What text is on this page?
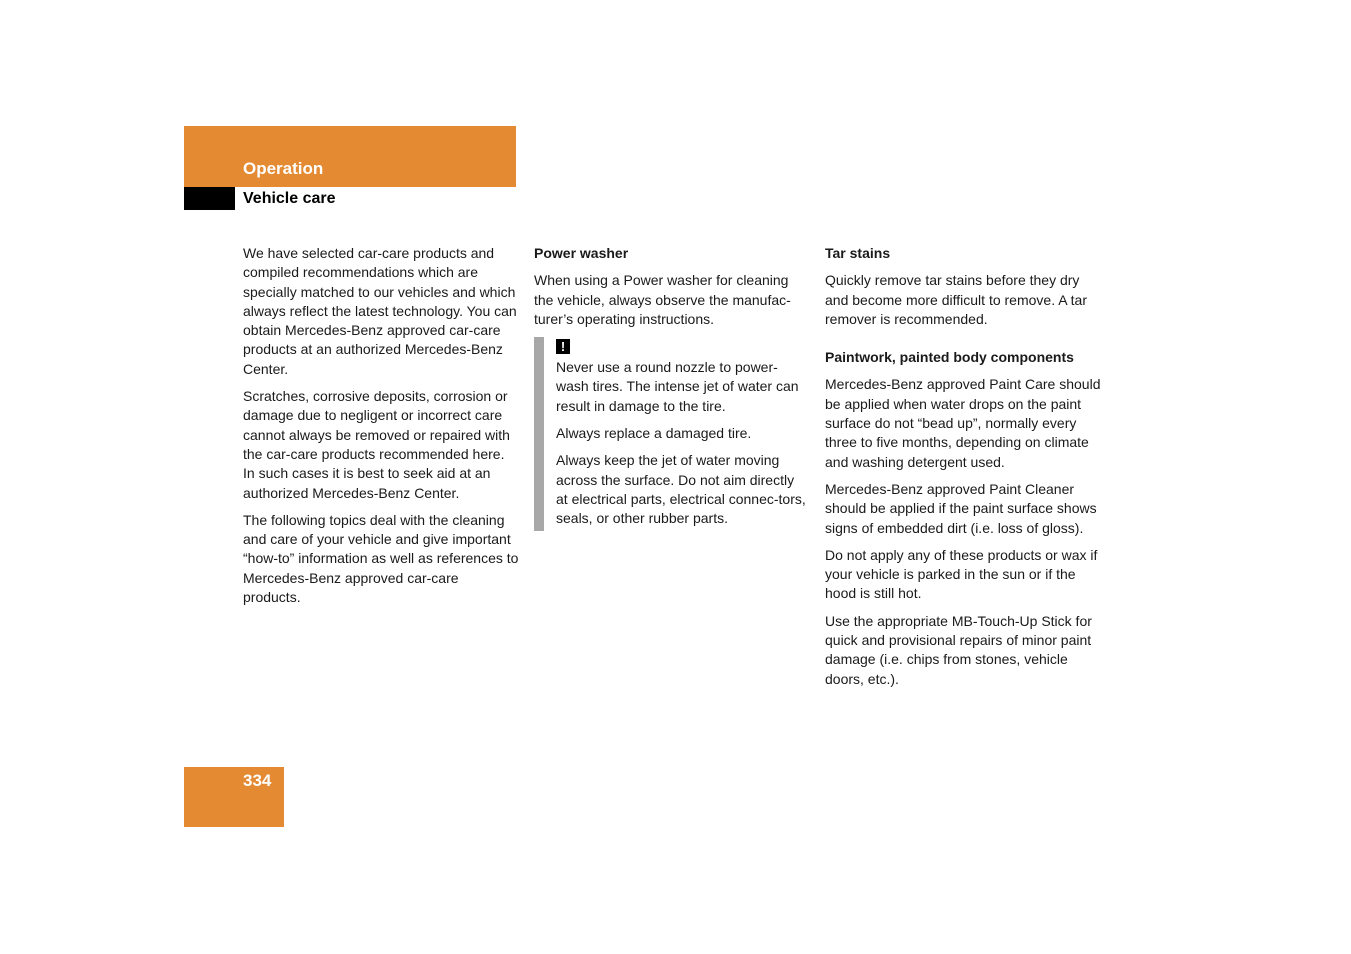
Operation
Vehicle care

We have selected car-care products and compiled recommendations which are specially matched to our vehicles and which always reflect the latest technology. You can obtain Mercedes-Benz approved car-care products at an authorized Mercedes-Benz Center.

Scratches, corrosive deposits, corrosion or damage due to negligent or incorrect care cannot always be removed or repaired with the car-care products recommended here. In such cases it is best to seek aid at an authorized Mercedes-Benz Center.

The following topics deal with the cleaning and care of your vehicle and give important “how-to” information as well as references to Mercedes-Benz approved car-care products.

Power washer

When using a Power washer for cleaning the vehicle, always observe the manufac-turer’s operating instructions.

!

Never use a round nozzle to power-wash tires. The intense jet of water can result in damage to the tire.

Always replace a damaged tire.

Always keep the jet of water moving across the surface. Do not aim directly at electrical parts, electrical connec-tors, seals, or other rubber parts.

Tar stains

Quickly remove tar stains before they dry and become more difficult to remove. A tar remover is recommended.

Paintwork, painted body components

Mercedes-Benz approved Paint Care should be applied when water drops on the paint surface do not “bead up”, normally every three to five months, depending on climate and washing detergent used.

Mercedes-Benz approved Paint Cleaner should be applied if the paint surface shows signs of embedded dirt (i.e. loss of gloss).

Do not apply any of these products or wax if your vehicle is parked in the sun or if the hood is still hot.

Use the appropriate MB-Touch-Up Stick for quick and provisional repairs of minor paint damage (i.e. chips from stones, vehicle doors, etc.).

334
